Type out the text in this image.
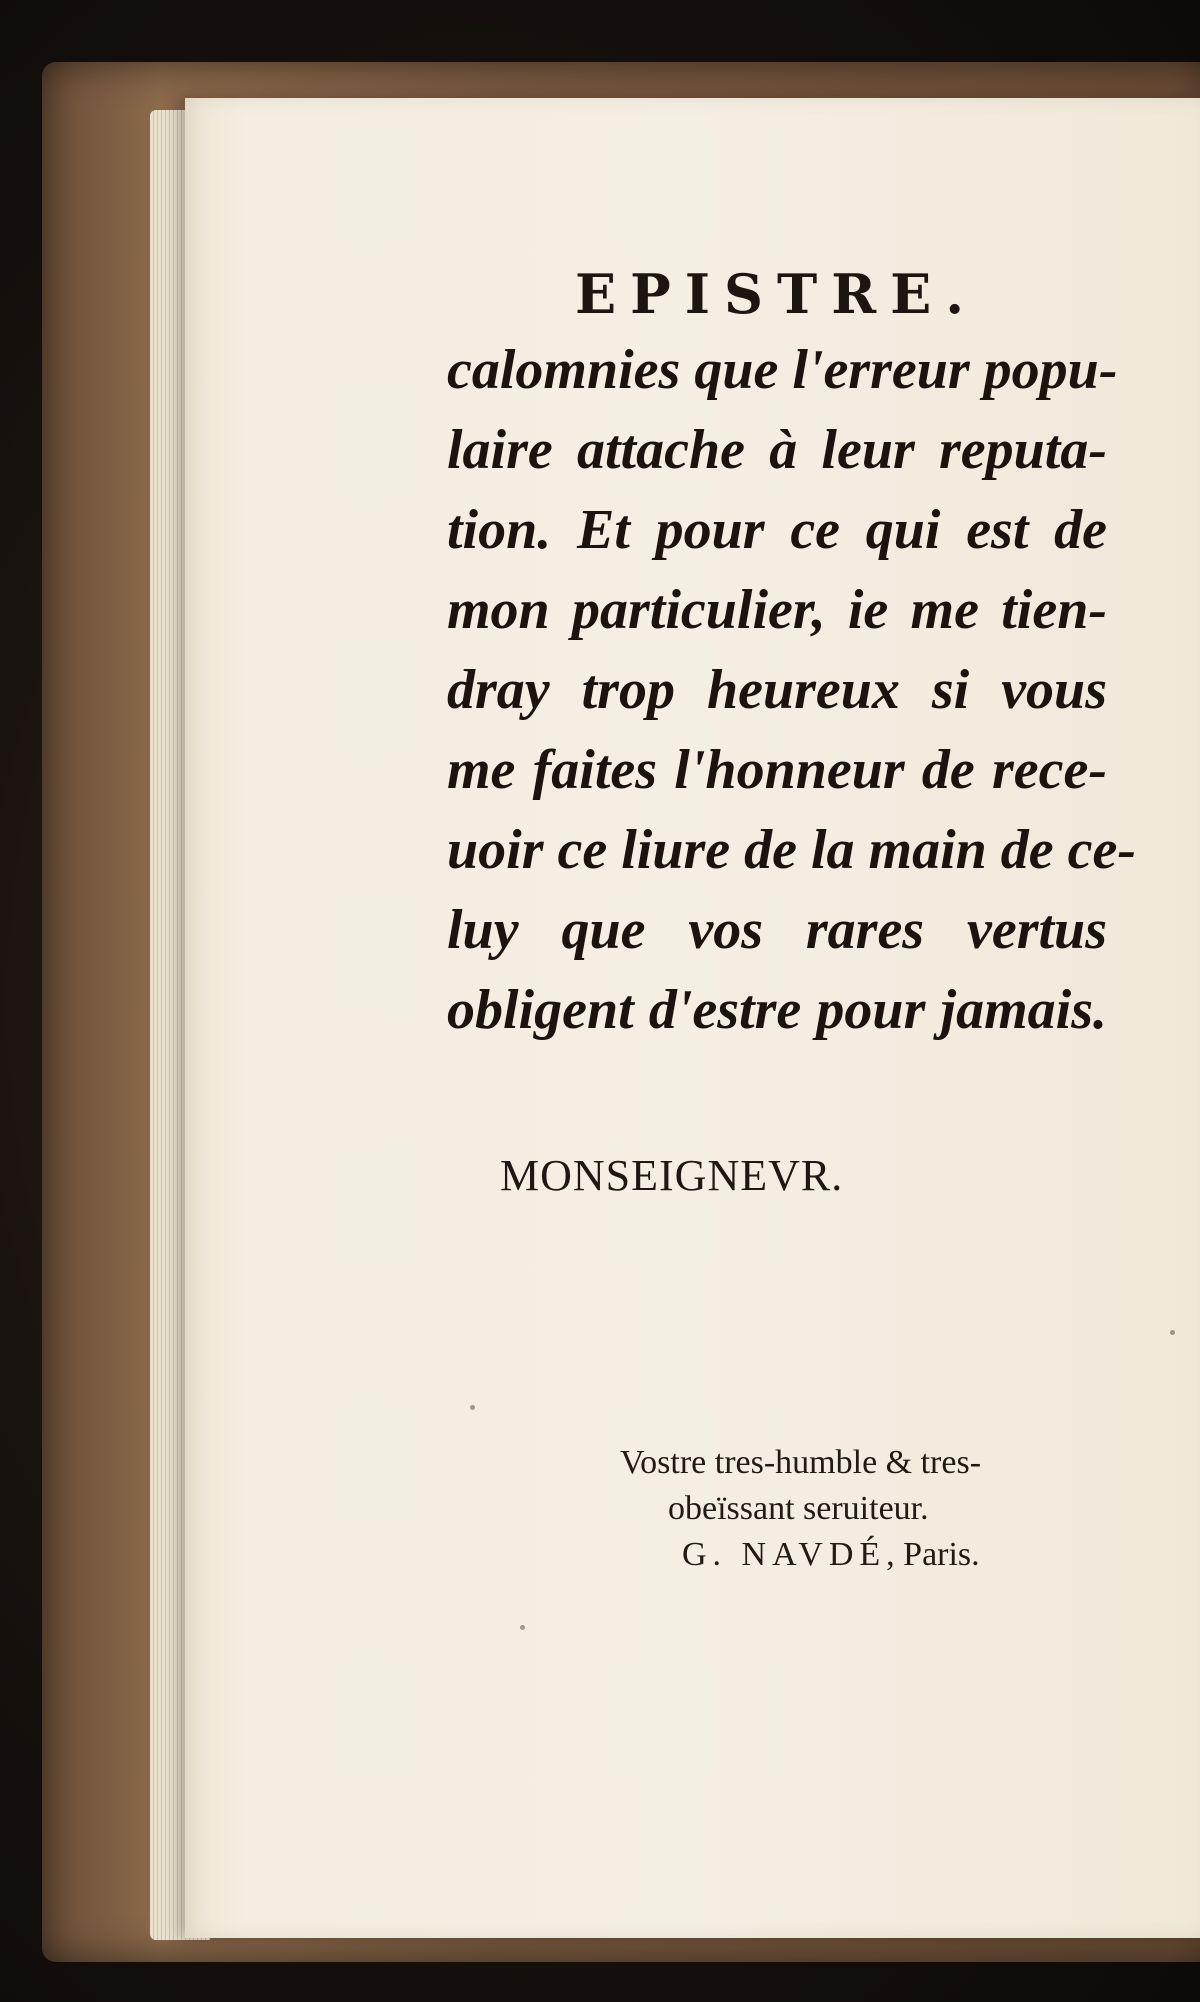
EPISTRE.
calomnies que l'erreur popu-
laire attache à leur reputa-
tion. Et pour ce qui est de
mon particulier, ie me tien-
dray trop heureux si vous
me faites l'honneur de rece-
uoir ce liure de la main de ce-
luy que vos rares vertus
obligent d'estre pour jamais.
MONSEIGNEVR.
Vostre tres-humble & tres-
obeïssant seruiteur.
G. NAVDÉ, Paris.
